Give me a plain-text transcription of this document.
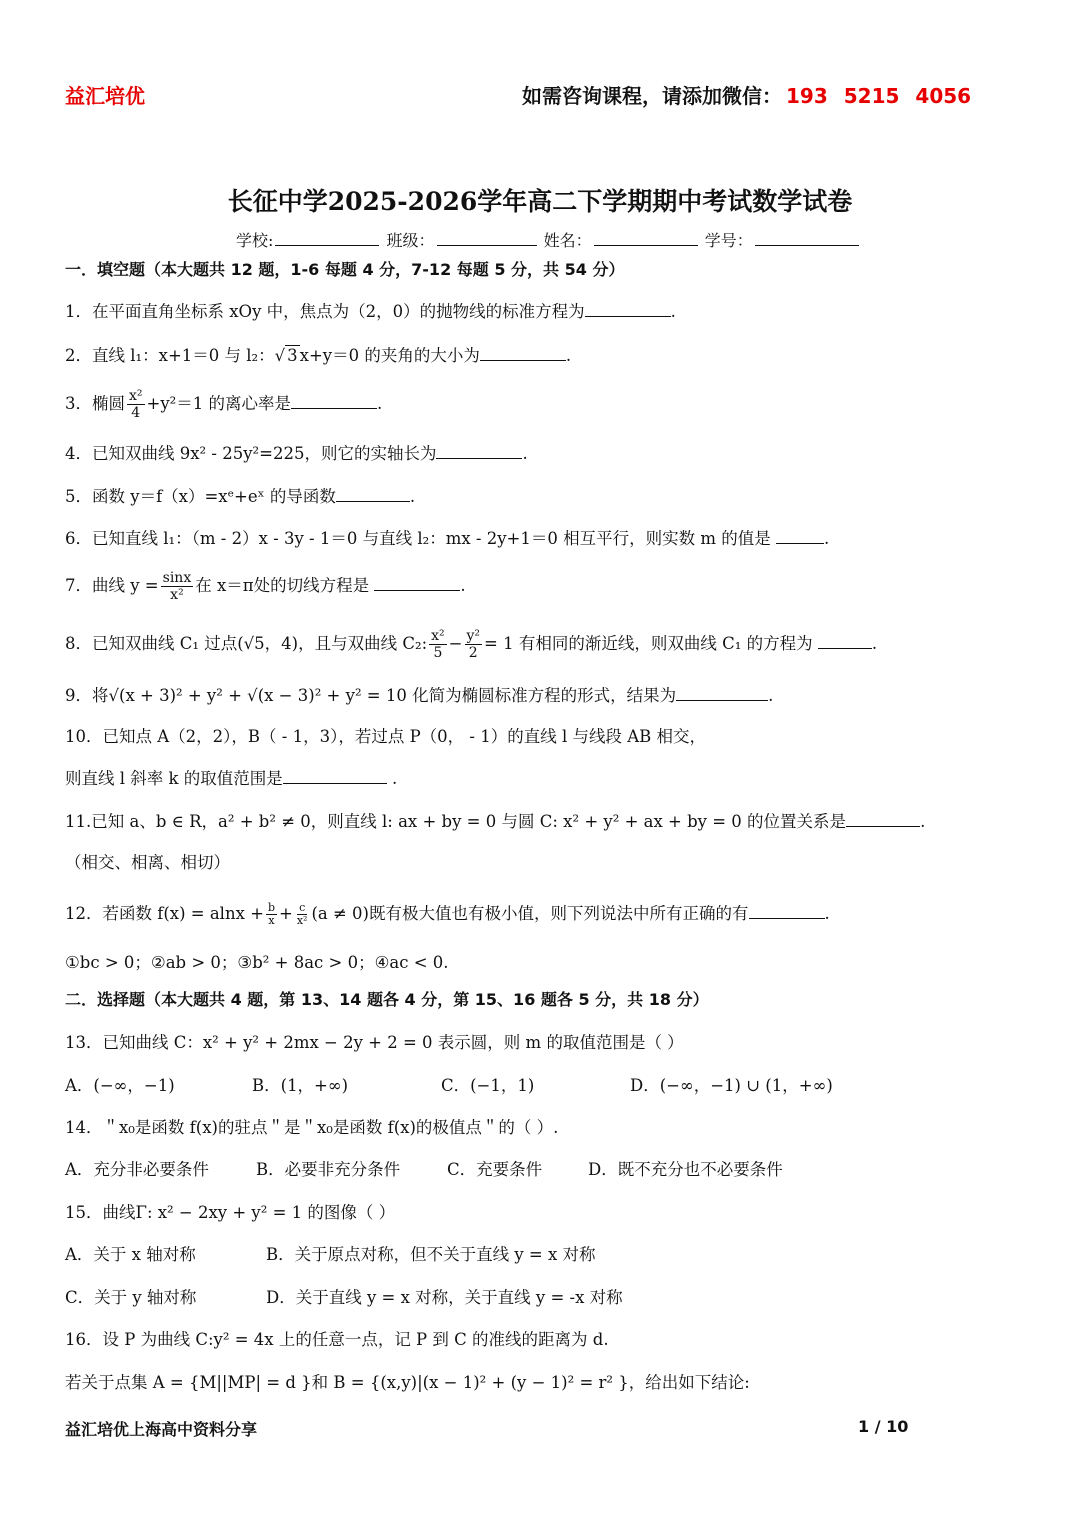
益汇培优	如需咨询课程，请添加微信： 193 5215 4056
长征中学2025-2026学年高二下学期期中考试数学试卷
学校:	班级：	姓名：	学号：
一．填空题（本大题共 12 题，1-6 每题 4 分，7-12 每题 5 分，共 54 分）
1．在平面直角坐标系 xOy 中，焦点为（2，0）的抛物线的标准方程为	.
2．直线 l₁：x+1＝0 与 l₂：√ 3 x+y＝0 的夹角的大小为	.
3．椭圆 $\frac{\text{x²}}{4} +y^2=1$ 的离心率是	.
4．已知双曲线 9x² - 25y²=225，则它的实轴长为	.
5．函数 y＝f（x）=xᵉ+eˣ 的导函数	.
6．已知直线 l₁：（m - 2）x - 3y - 1＝0 与直线 l₂：mx - 2y+1＝0 相互平行，则实数 m 的值是	.
7．曲线 $y = \frac{\sin x}{\text{x²}}$ 在 x＝π处的切线方程是	.
8．已知双曲线 C₁ 过点(√5，4)，且与双曲线 C₂: $\frac{\text{x²}}{5} - \frac{\text{y²}}{2} = 1$ 有相同的渐近线，则双曲线 C₁ 的方程为	.
9．将√(x + 3)² + y² + √(x − 3)² + y² = 10 化简为椭圆标准方程的形式，结果为	.
10．已知点 A（2，2），B（ - 1，3），若过点 P（0， - 1）的直线 l 与线段 AB 相交，
则直线 l 斜率 k 的取值范围是	.
11.已知 a、b ∈ R，a² + b² ≠ 0，则直线 l: ax + by = 0 与圆 C: x² + y² + ax + by = 0 的位置关系是	.
（相交、相离、相切）
12．若函数 $f(x) = alnx + \frac{b}{x} + \frac{c}{\text{x²}} (a \ne 0)$既有极大值也有极小值，则下列说法中所有正确的有	.
①bc > 0；②ab > 0；③b² + 8ac > 0；④ac < 0.
二．选择题（本大题共 4 题，第 13、14 题各 4 分，第 15、16 题各 5 分，共 18 分）
13．已知曲线 C：x² + y² + 2mx − 2y + 2 = 0 表示圆，则 m 的取值范围是（ ）
A．(−∞，−1)	B．(1，+∞)	C．(−1，1)	D．(−∞，−1) ∪ (1，+∞)
14．＂x₀是函数 f(x)的驻点＂是＂x₀是函数 f(x)的极值点＂的（ ）.
A．充分非必要条件	B．必要非充分条件	C．充要条件	D．既不充分也不必要条件
15．曲线Γ: x² − 2xy + y² = 1 的图像（ ）
A．关于 x 轴对称	B．关于原点对称，但不关于直线 y = x 对称
C．关于 y 轴对称	D．关于直线 y = x 对称，关于直线 y = -x 对称
16．设 P 为曲线 C:y² = 4x 上的任意一点，记 P 到 C 的准线的距离为 d.
若关于点集 A = {M||MP| = d }和 B = {(x,y)|(x − 1)² + (y − 1)² = r² }，给出如下结论:
益汇培优上海高中资料分享	1 / 10
